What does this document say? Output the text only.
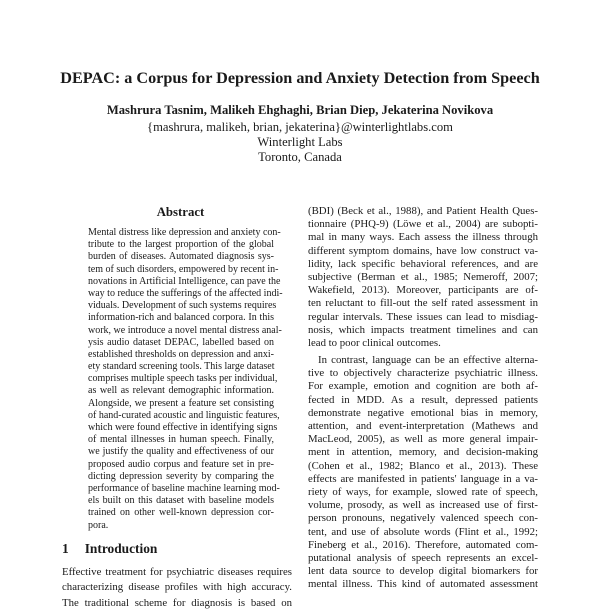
DEPAC: a Corpus for Depression and Anxiety Detection from Speech
Mashrura Tasnim, Malikeh Ehghaghi, Brian Diep, Jekaterina Novikova
{mashrura, malikeh, brian, jekaterina}@winterlightlabs.com
Winterlight Labs
Toronto, Canada
Abstract
Mental distress like depression and anxiety con-
tribute to the largest proportion of the global
burden of diseases. Automated diagnosis sys-
tem of such disorders, empowered by recent in-
novations in Artificial Intelligence, can pave the
way to reduce the sufferings of the affected indi-
viduals. Development of such systems requires
information-rich and balanced corpora. In this
work, we introduce a novel mental distress anal-
ysis audio dataset DEPAC, labelled based on
established thresholds on depression and anxi-
ety standard screening tools. This large dataset
comprises multiple speech tasks per individual,
as well as relevant demographic information.
Alongside, we present a feature set consisting
of hand-curated acoustic and linguistic features,
which were found effective in identifying signs
of mental illnesses in human speech. Finally,
we justify the quality and effectiveness of our
proposed audio corpus and feature set in pre-
dicting depression severity by comparing the
performance of baseline machine learning mod-
els built on this dataset with baseline models
trained on other well-known depression cor-
pora.
1 Introduction
Effective treatment for psychiatric diseases requires
characterizing disease profiles with high accuracy.
The traditional scheme for diagnosis is based on
(BDI) (Beck et al., 1988), and Patient Health Ques-
tionnaire (PHQ-9) (Löwe et al., 2004) are subopti-
mal in many ways. Each assess the illness through
different symptom domains, have low construct va-
lidity, lack specific behavioral references, and are
subjective (Berman et al., 1985; Nemeroff, 2007;
Wakefield, 2013). Moreover, participants are of-
ten reluctant to fill-out the self rated assessment in
regular intervals. These issues can lead to misdiag-
nosis, which impacts treatment timelines and can
lead to poor clinical outcomes.
In contrast, language can be an effective alterna-
tive to objectively characterize psychiatric illness.
For example, emotion and cognition are both af-
fected in MDD. As a result, depressed patients
demonstrate negative emotional bias in memory,
attention, and event-interpretation (Mathews and
MacLeod, 2005), as well as more general impair-
ment in attention, memory, and decision-making
(Cohen et al., 1982; Blanco et al., 2013). These
effects are manifested in patients' language in a va-
riety of ways, for example, slowed rate of speech,
volume, prosody, as well as increased use of first-
person pronouns, negatively valenced speech con-
tent, and use of absolute words (Flint et al., 1992;
Fineberg et al., 2016). Therefore, automated com-
putational analysis of speech represents an excel-
lent data source to develop digital biomarkers for
mental illness. This kind of automated assessment
